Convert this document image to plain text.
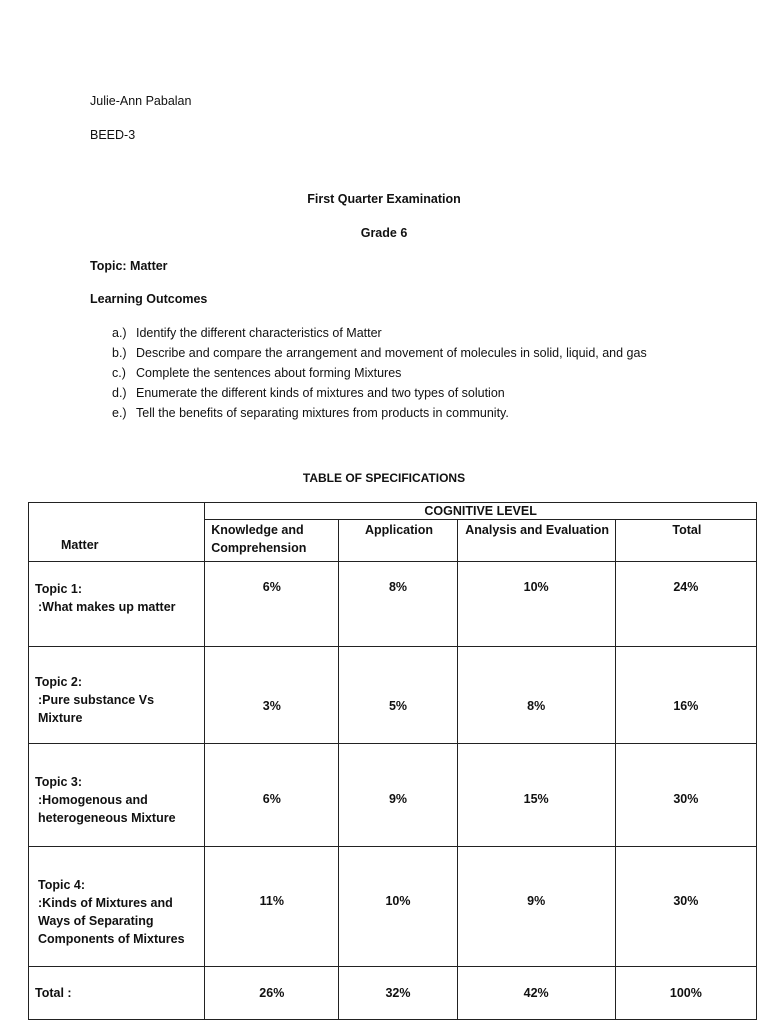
Julie-Ann Pabalan
BEED-3
First Quarter Examination
Grade 6
Topic: Matter
Learning Outcomes
a.) Identify the different characteristics of Matter
b.) Describe and compare the arrangement and movement of molecules in solid, liquid, and gas
c.) Complete the sentences about forming Mixtures
d.) Enumerate the different kinds of mixtures and two types of solution
e.) Tell the benefits of separating mixtures from products in community.
TABLE OF SPECIFICATIONS
Matter	COGNITIVE LEVEL			
	Knowledge and Comprehension	Application	Analysis and Evaluation	Total

Topic 1:
:What makes up matter	6%	8%	10%	24%

Topic 2:
:Pure substance Vs Mixture	3%	5%	8%	16%

Topic 3:
:Homogenous and heterogeneous Mixture	6%	9%	15%	30%

Topic 4:
:Kinds of Mixtures and Ways of Separating Components of Mixtures	11%	10%	9%	30%
Total :	26%	32%	42%	100%
